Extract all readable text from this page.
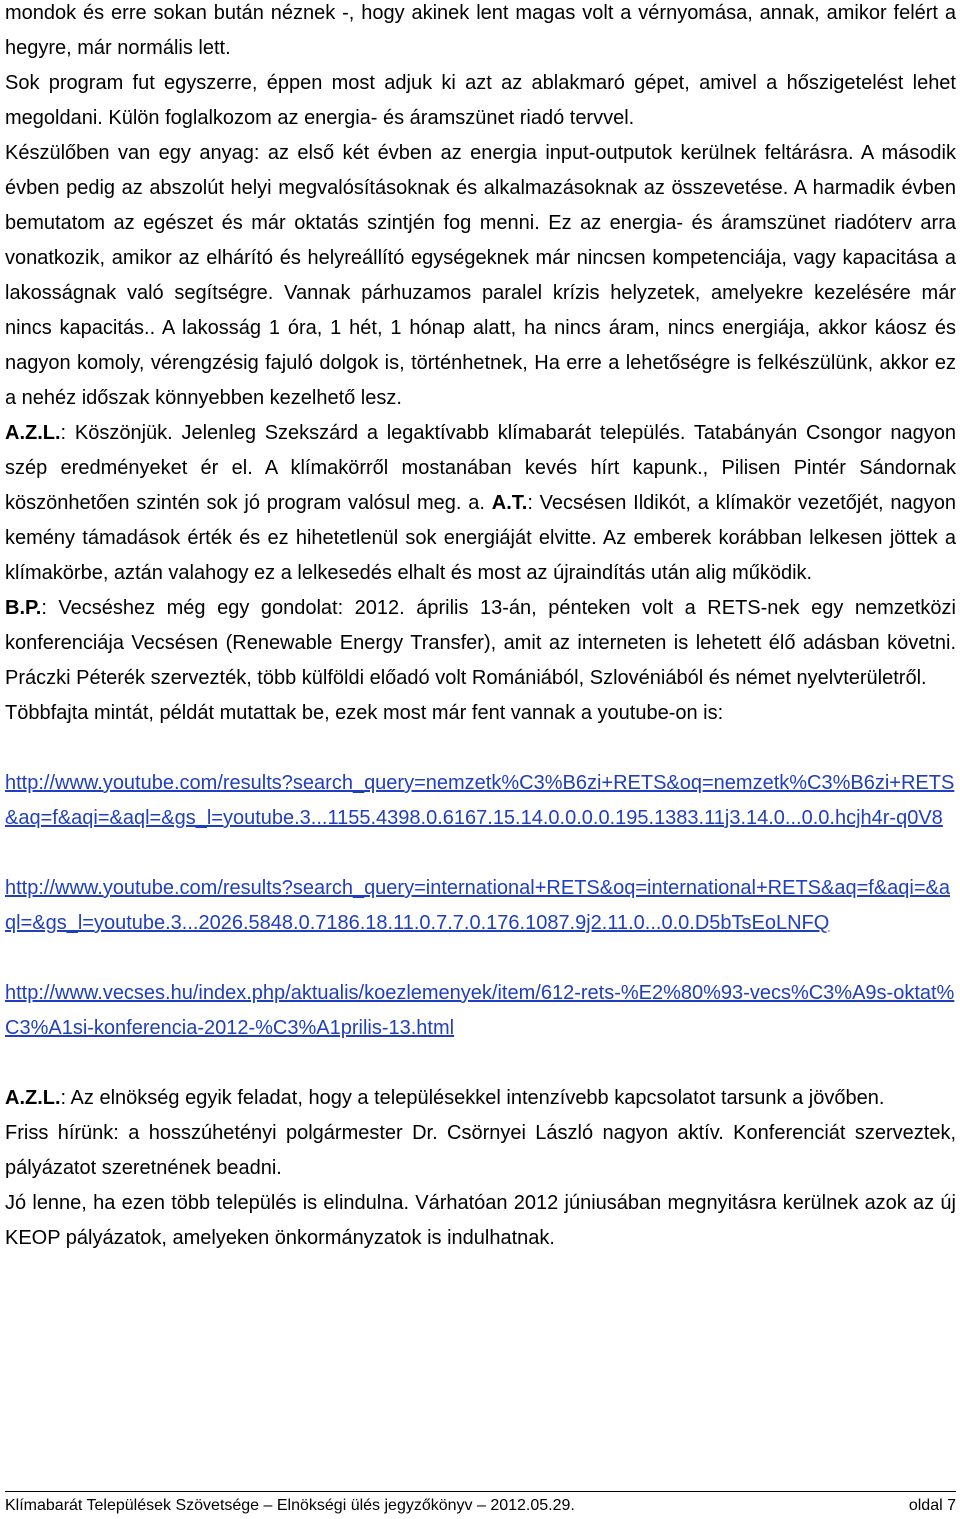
mondok és erre sokan bután néznek -, hogy akinek lent magas volt a vérnyomása, annak, amikor felért a hegyre, már normális lett.

Sok program fut egyszerre, éppen most adjuk ki azt az ablakmaró gépet, amivel a hőszigetelést lehet megoldani. Külön foglalkozom az energia- és áramszünet riadó tervvel.

Készülőben van egy anyag: az első két évben az energia input-outputok kerülnek feltárásra. A második évben pedig az abszolút helyi megvalósításoknak és alkalmazásoknak az összevetése. A harmadik évben bemutatom az egészet és már oktatás szintjén fog menni. Ez az energia- és áramszünet riadóterv arra vonatkozik, amikor az elhárító és helyreállító egységeknek már nincsen kompetenciája, vagy kapacitása a lakosságnak való segítségre. Vannak párhuzamos paralel krízis helyzetek, amelyekre kezelésére már nincs kapacitás.. A lakosság 1 óra, 1 hét, 1 hónap alatt, ha nincs áram, nincs energiája, akkor káosz és nagyon komoly, vérengzésig fajuló dolgok is, történhetnek, Ha erre a lehetőségre is felkészülünk, akkor ez a nehéz időszak könnyebben kezelhető lesz.

A.Z.L.: Köszönjük. Jelenleg Szekszárd a legaktívabb klímabarát település. Tatabányán Csongor nagyon szép eredményeket ér el. A klímakörről mostanában kevés hírt kapunk., Pilisen Pintér Sándornak köszönhetően szintén sok jó program valósul meg. a. A.T.: Vecsésen Ildikót, a klímakör vezetőjét, nagyon kemény támadások érték és ez hihetetlenül sok energiáját elvitte. Az emberek korábban lelkesen jöttek a klímakörbe, aztán valahogy ez a lelkesedés elhalt és most az újraindítás után alig működik.

B.P.: Vecséshez még egy gondolat: 2012. április 13-án, pénteken volt a RETS-nek egy nemzetközi konferenciája Vecsésen (Renewable Energy Transfer), amit az interneten is lehetett élő adásban követni. Práczki Péterék szervezték, több külföldi előadó volt Romániából, Szlovéniából és német nyelvterületről.

Többfajta mintát, példát mutattak be, ezek most már fent vannak a youtube-on is:

http://www.youtube.com/results?search_query=nemzetk%C3%B6zi+RETS&oq=nemzetk%C3%B6zi+RETS&aq=f&aqi=&aql=&gs_l=youtube.3...1155.4398.0.6167.15.14.0.0.0.0.195.1383.11j3.14.0...0.0.hcjh4r-q0V8

http://www.youtube.com/results?search_query=international+RETS&oq=international+RETS&aq=f&aqi=&aql=&gs_l=youtube.3...2026.5848.0.7186.18.11.0.7.7.0.176.1087.9j2.11.0...0.0.D5bTsEoLNFQ

http://www.vecses.hu/index.php/aktualis/koezlemenyek/item/612-rets-%E2%80%93-vecs%C3%A9s-oktat%C3%A1si-konferencia-2012-%C3%A1prilis-13.html

A.Z.L.: Az elnökség egyik feladat, hogy a településekkel intenzívebb kapcsolatot tarsunk a jövőben.

Friss hírünk: a hosszúhetényi polgármester Dr. Csörnyei László nagyon aktív. Konferenciát szerveztek, pályázatot szeretnének beadni.

Jó lenne, ha ezen több település is elindulna. Várhatóan 2012 júniusában megnyitásra kerülnek azok az új KEOP pályázatok, amelyeken önkormányzatok is indulhatnak.

Klímabarát Települések Szövetsége – Elnökségi ülés jegyzőkönyv – 2012.05.29.	oldal 7
